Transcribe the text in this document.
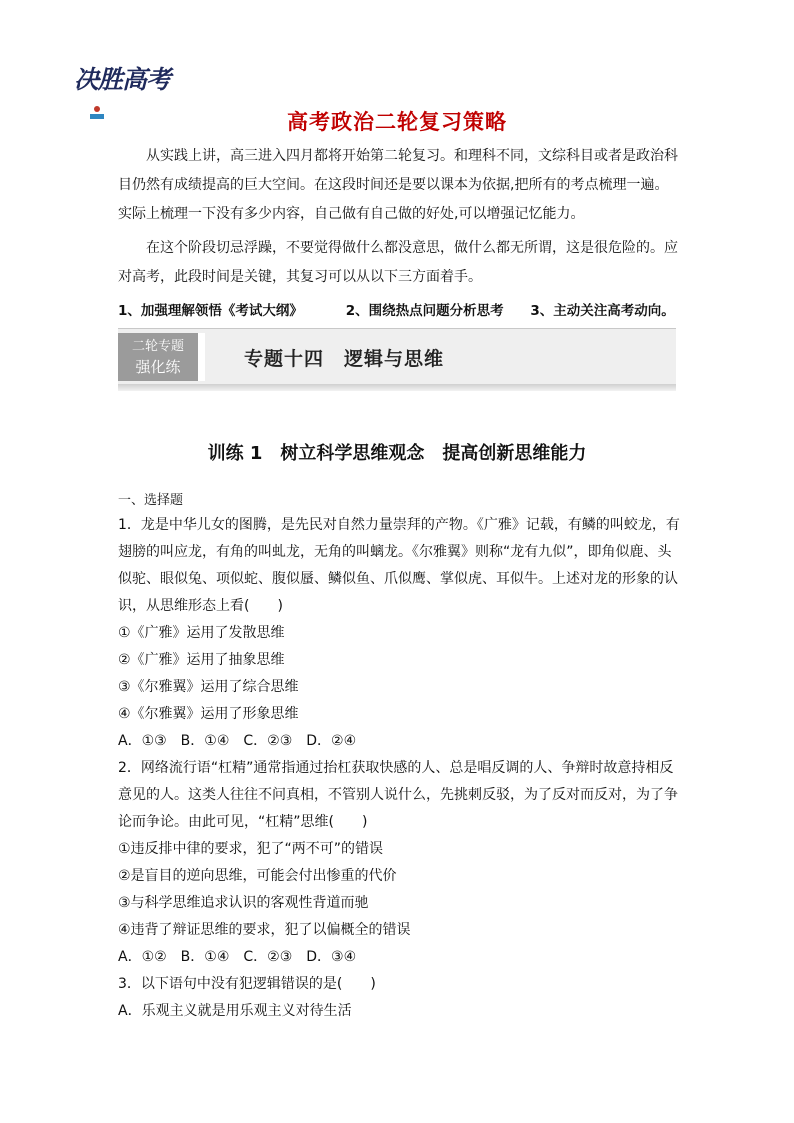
决胜高考
高考政治二轮复习策略

从实践上讲，高三进入四月都将开始第二轮复习。和理科不同，文综科目或者是政治科目仍然有成绩提高的巨大空间。在这段时间还是要以课本为依据,把所有的考点梳理一遍。实际上梳理一下没有多少内容，自己做有自己做的好处,可以增强记忆能力。

在这个阶段切忌浮躁，不要觉得做什么都没意思，做什么都无所谓，这是很危险的。应对高考，此段时间是关键，其复习可以从以下三方面着手。

1、加强理解领悟《考试大纲》	2、围绕热点问题分析思考 3、主动关注高考动向。
二轮专题
强化练	专题十四　逻辑与思维
训练 1　树立科学思维观念　提高创新思维能力
一、选择题
1．龙是中华儿女的图腾，是先民对自然力量崇拜的产物。《广雅》记载，有鳞的叫蛟龙，有翅膀的叫应龙，有角的叫虬龙，无角的叫螭龙。《尔雅翼》则称“龙有九似”，即角似鹿、头似驼、眼似兔、项似蛇、腹似蜃、鳞似鱼、爪似鹰、掌似虎、耳似牛。上述对龙的形象的认识，从思维形态上看(　　)
①《广雅》运用了发散思维
②《广雅》运用了抽象思维
③《尔雅翼》运用了综合思维
④《尔雅翼》运用了形象思维
A．①③　B．①④　C．②③　D．②④
2．网络流行语“杠精”通常指通过抬杠获取快感的人、总是唱反调的人、争辩时故意持相反意见的人。这类人往往不问真相，不管别人说什么，先挑刺反驳，为了反对而反对，为了争论而争论。由此可见，“杠精”思维(　　)
①违反排中律的要求，犯了“两不可”的错误
②是盲目的逆向思维，可能会付出惨重的代价
③与科学思维追求认识的客观性背道而驰
④违背了辩证思维的要求，犯了以偏概全的错误
A．①②　B．①④　C．②③　D．③④
3．以下语句中没有犯逻辑错误的是(　　)
A．乐观主义就是用乐观主义对待生活
